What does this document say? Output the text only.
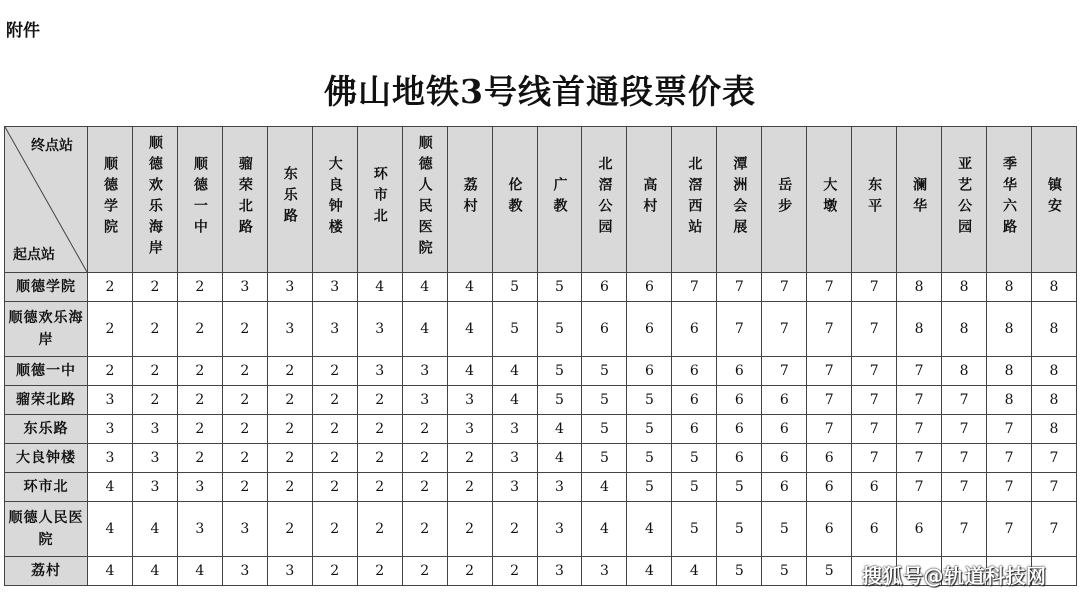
附件
佛山地铁3号线首通段票价表
终点站
起点站	顺德学院	顺德欢乐海岸	顺德一中	骝荣北路	东乐路	大良钟楼	环市北	顺德人民医院	荔村	伦教	广教	北滘公园	高村	北滘西站	潭洲会展	岳步	大墩	东平	澜华	亚艺公园	季华六路	镇安
顺德学院	2	2	2	3	3	3	4	4	4	5	5	6	6	7	7	7	7	7	8	8	8	8
顺德欢乐海岸	2	2	2	2	3	3	3	4	4	5	5	6	6	6	7	7	7	7	8	8	8	8
顺德一中	2	2	2	2	2	2	3	3	4	4	5	5	6	6	6	7	7	7	7	8	8	8
骝荣北路	3	2	2	2	2	2	2	3	3	4	5	5	5	6	6	6	7	7	7	7	8	8
东乐路	3	3	2	2	2	2	2	2	3	3	4	5	5	6	6	6	7	7	7	7	7	8
大良钟楼	3	3	2	2	2	2	2	2	2	3	4	5	5	5	6	6	6	7	7	7	7	7
环市北	4	3	3	2	2	2	2	2	2	3	3	4	5	5	5	6	6	6	7	7	7	7
顺德人民医院	4	4	3	3	2	2	2	2	2	2	3	4	4	5	5	5	6	6	6	7	7	7
荔村	4	4	4	3	3	2	2	2	2	2	3	3	4	4	5	5	5					搜狐号@轨道科技网
